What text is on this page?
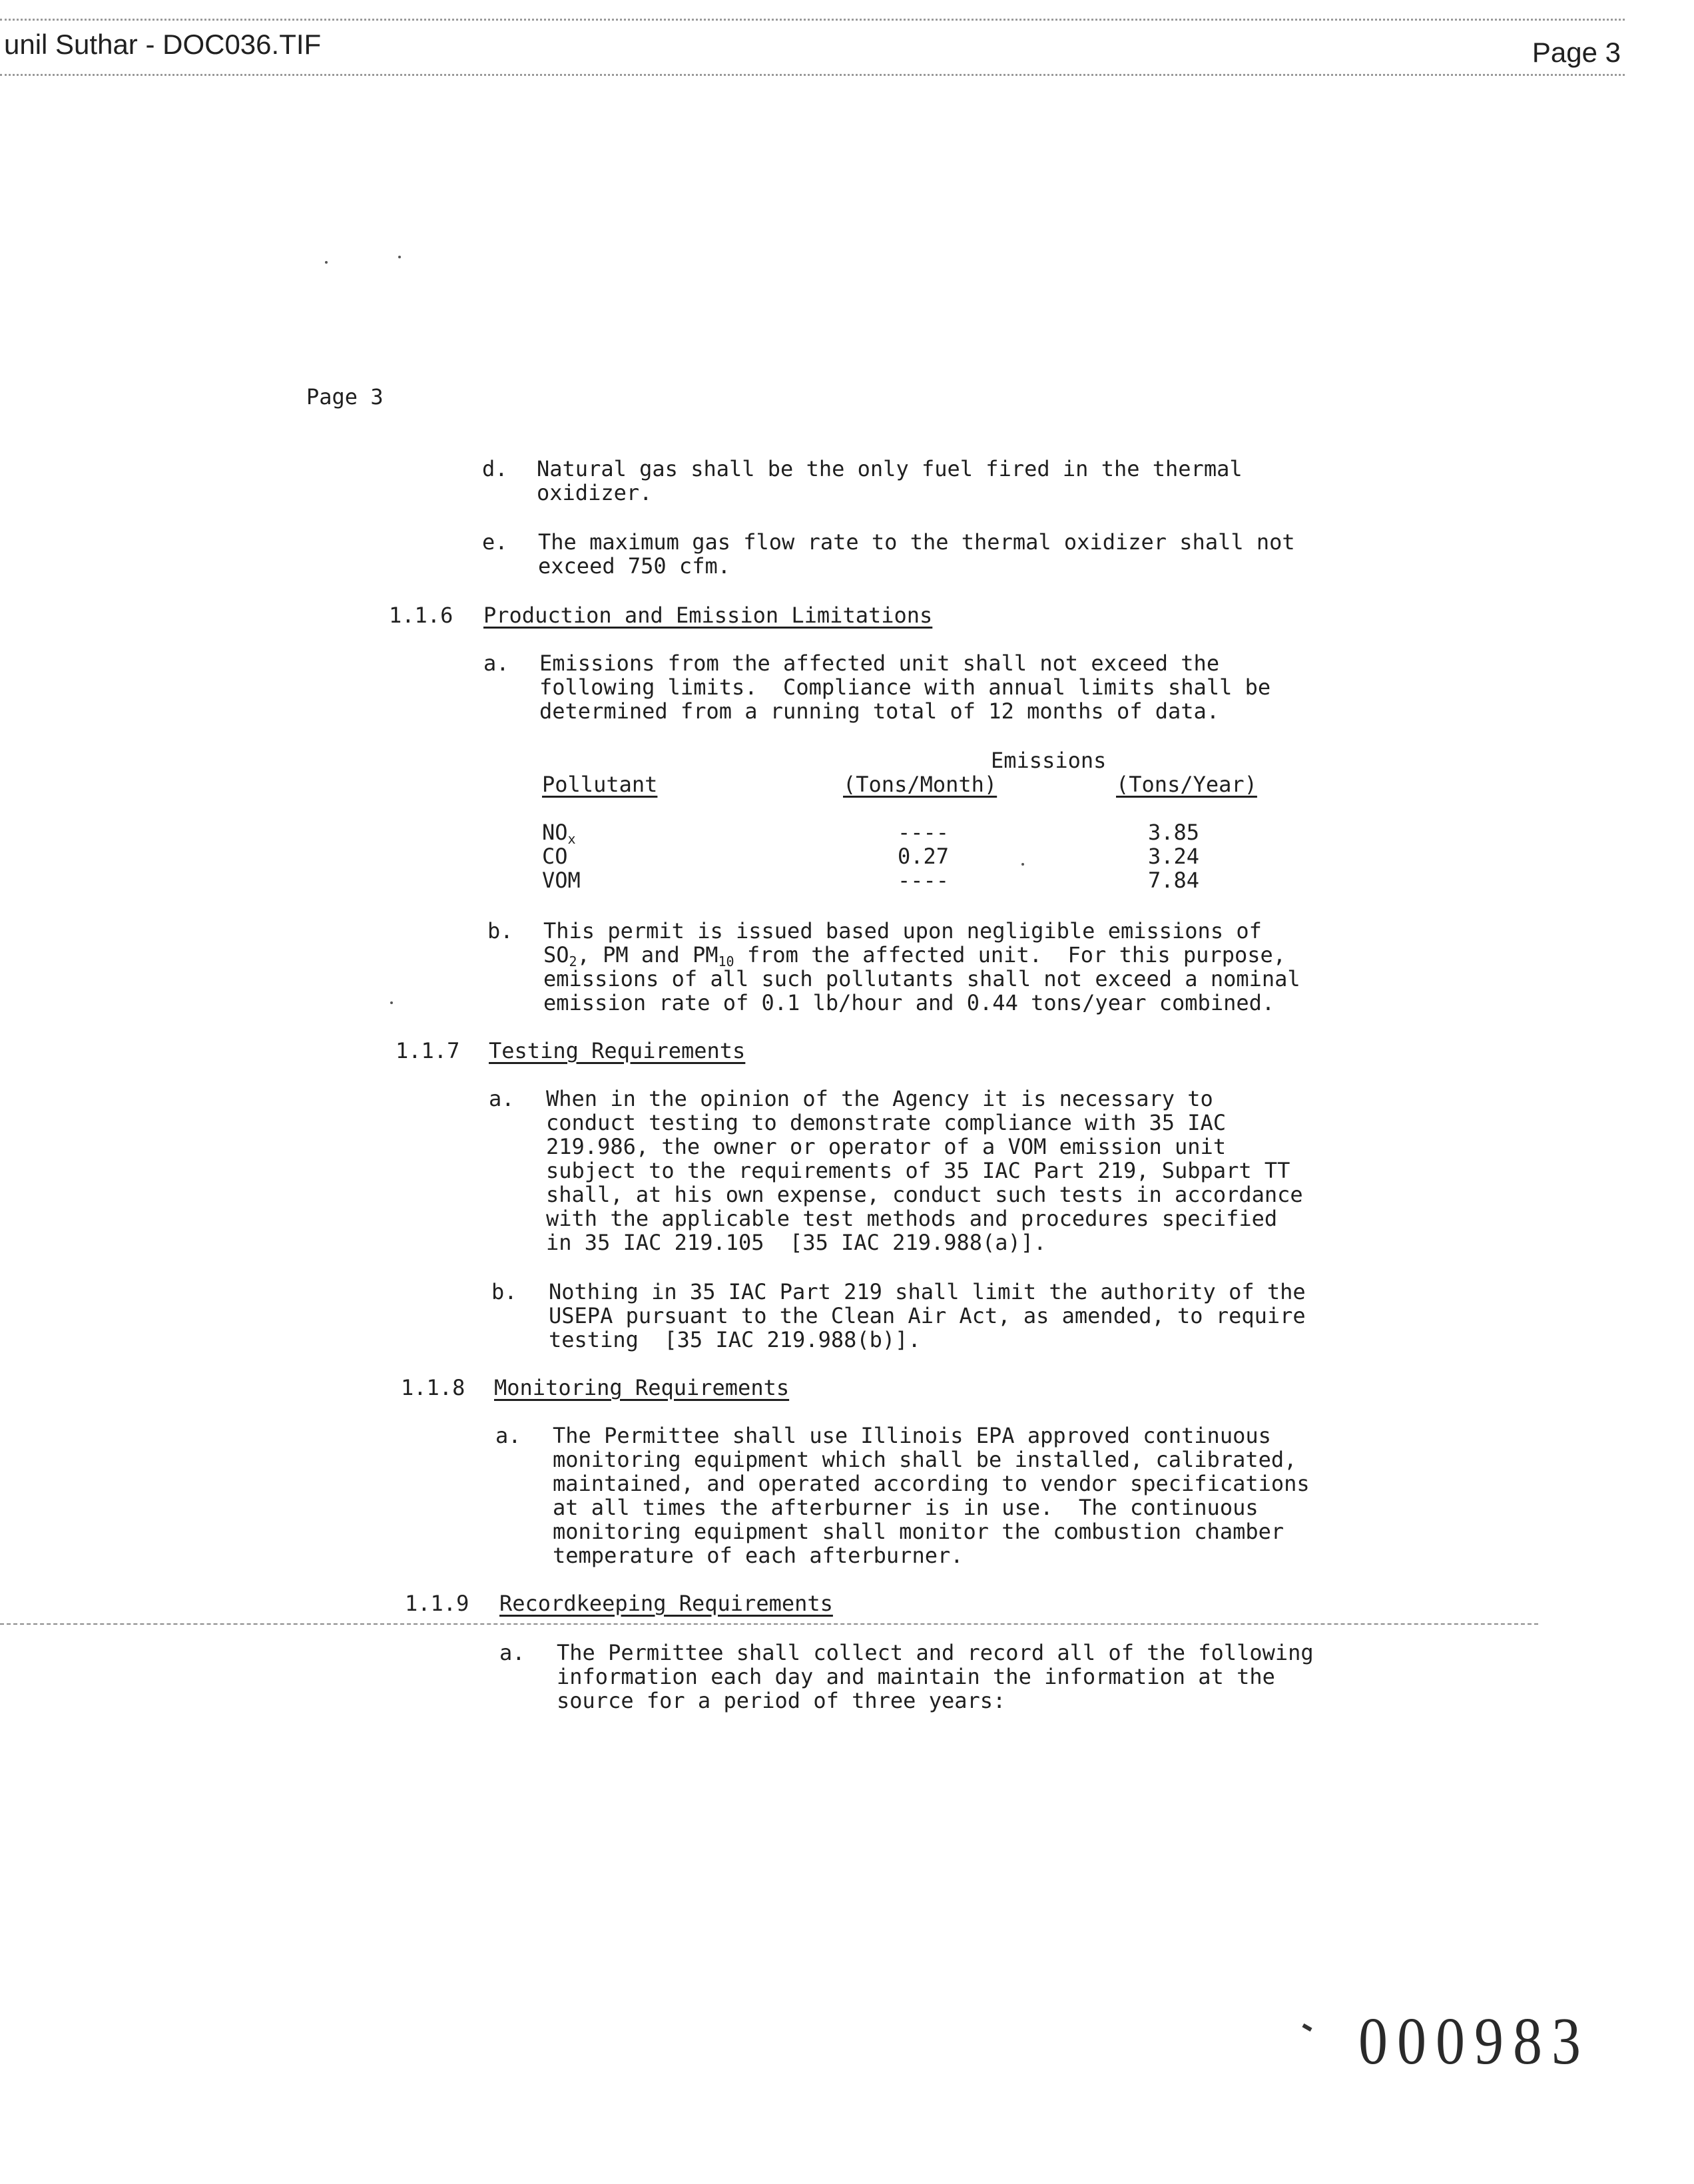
unil Suthar - DOC036.TIF	Page 3
Page 3
d. Natural gas shall be the only fuel fired in the thermal
oxidizer.
e. The maximum gas flow rate to the thermal oxidizer shall not
exceed 750 cfm.
1.1.6 Production and Emission Limitations
a. Emissions from the affected unit shall not exceed the
following limits.  Compliance with annual limits shall be
determined from a running total of 12 months of data.
Emissions
Pollutant	(Tons/Month)	(Tons/Year)
$NO_x$	----	3.85
CO	0.27	3.24
VOM	----	7.84
b. This permit is issued based upon negligible emissions of
$SO_2$, PM and $PM_{10}$ from the affected unit.  For this purpose,
emissions of all such pollutants shall not exceed a nominal
emission rate of 0.1 lb/hour and 0.44 tons/year combined.
1.1.7 Testing Requirements
a. When in the opinion of the Agency it is necessary to
conduct testing to demonstrate compliance with 35 IAC
219.986, the owner or operator of a VOM emission unit
subject to the requirements of 35 IAC Part 219, Subpart TT
shall, at his own expense, conduct such tests in accordance
with the applicable test methods and procedures specified
in 35 IAC 219.105  [35 IAC 219.988(a)].
b. Nothing in 35 IAC Part 219 shall limit the authority of the
USEPA pursuant to the Clean Air Act, as amended, to require
testing  [35 IAC 219.988(b)].
1.1.8 Monitoring Requirements
a. The Permittee shall use Illinois EPA approved continuous
monitoring equipment which shall be installed, calibrated,
maintained, and operated according to vendor specifications
at all times the afterburner is in use.  The continuous
monitoring equipment shall monitor the combustion chamber
temperature of each afterburner.
1.1.9 Recordkeeping Requirements
a. The Permittee shall collect and record all of the following
information each day and maintain the information at the
source for a period of three years:
000983
